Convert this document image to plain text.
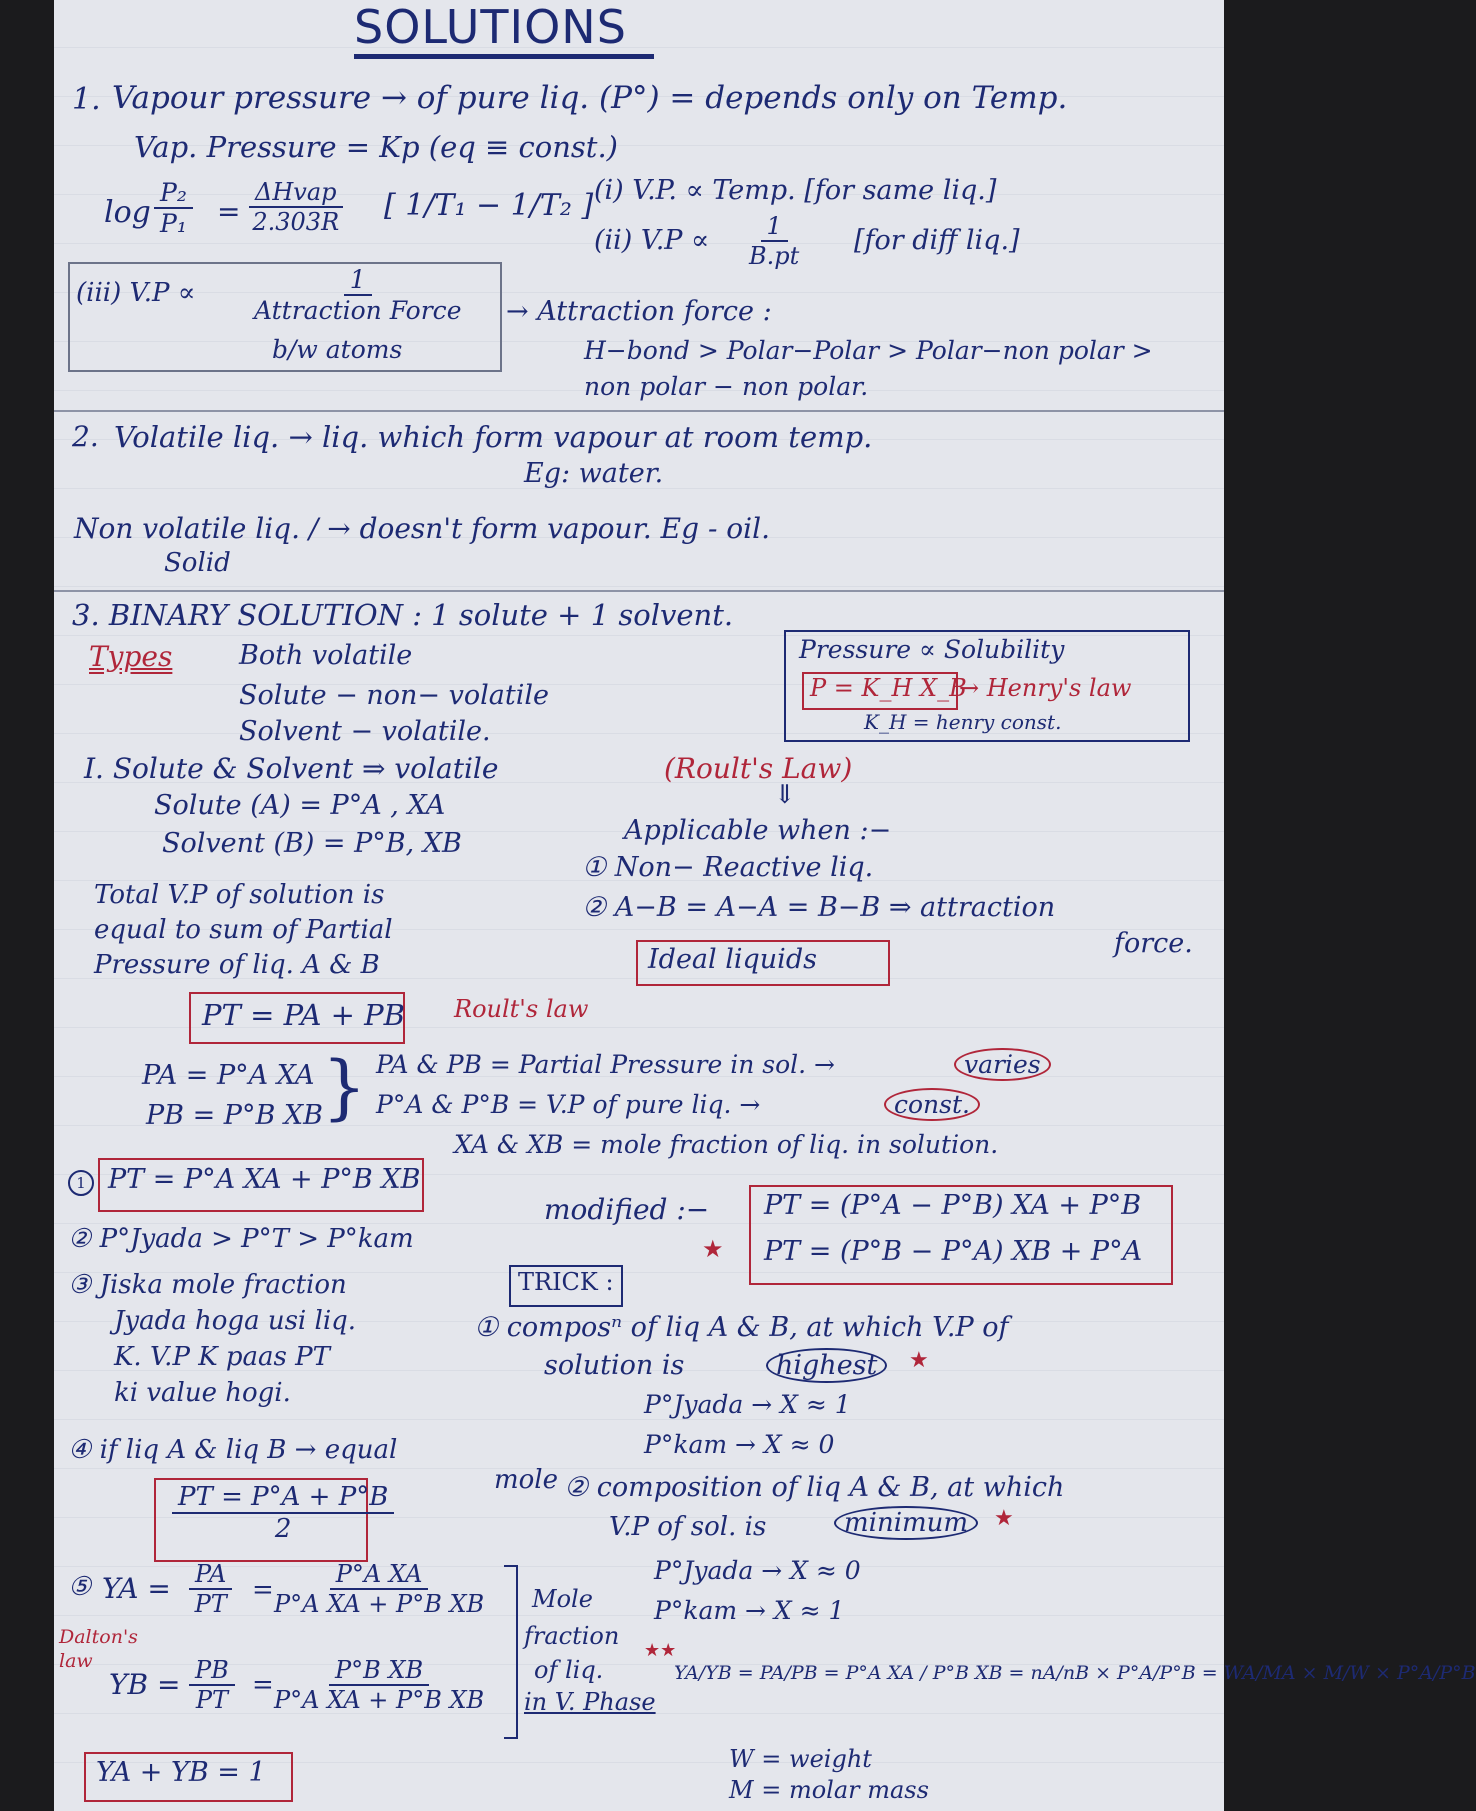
SOLUTIONS
1. Vapour pressure → of pure liq. (P°) = depends only on Temp.
Vap. Pressure = Kp (eq ≡ const.)
$\log \frac{\text{P₂}}{\text{P₁}}$ =
ΔHvap
2.303R [ 1/T₁ − 1/T₂ ] (i) V.P. ∝ Temp. [for same liq.]
(ii) $V.P \propto \frac{1}{B.pt} [for$ diff liq.]
(iii) V.P ∝	1
Attraction Force
b/w atoms
→ Attraction force :
H−bond > Polar−Polar > Polar−non polar >
non polar − non polar.
2. Volatile liq. → liq. which form vapour at room temp.
Eg: water.
Non volatile liq. / → doesn't form vapour. Eg - oil.
Solid
3. BINARY SOLUTION : 1 solute + 1 solvent.
Types Both volatile
Solute − non− volatile
Solvent − volatile.
Pressure ∝ Solubility
P = K_H X_B
→ Henry's law
K_H = henry const.
I. Solute & Solvent ⇒ volatile	(Roult's Law)
Solute (A) = P°A , XA
Solvent (B) = P°B, XB
⇓
Applicable when :−
① Non− Reactive liq.
② A−B = A−A = B−B ⇒ attraction
force.
Ideal liquids
Total V.P of solution is
equal to sum of Partial
Pressure of liq. A & B
PT = PA + PB Roult's law
PA = P°A XA
PB = P°B XB } PA & PB = Partial Pressure in sol. →	varies
P°A & P°B = V.P of pure liq. →	const.
XA & XB = mole fraction of liq. in solution.
1 PT = P°A XA + P°B XB
modified :− PT = (P°A − P°B) XA + P°B
★ PT = (P°B − P°A) XB + P°A
② P°Jyada > P°T > P°kam
③ Jiska mole fraction
Jyada hoga usi liq.
K. V.P K paas PT
ki value hogi.
TRICK :
① composⁿ of liq A & B, at which V.P of
solution is	highest	★
P°Jyada → X ≈ 1
P°kam → X ≈ 0
④ if liq A & liq B → equal
mole
$\frac{PT = P^\circ A + P^\circ B}{2}$	② composition of liq A & B, at which
V.P of sol. is	minimum	★
P°Jyada → X ≈ 0
P°kam → X ≈ 1
⑤
Dalton's law
YA = $\frac{PA}{PT} = \frac{\text{P°A XA}}{\text{P°A XA + P°B XB}}$
YB = $\frac{PB}{PT} = \frac{\text{P°B XB}}{\text{P°A XA + P°B XB}}$
Mole
fraction
of liq.
in V. Phase
★★
YA/YB = PA/PB = P°A XA / P°B XB = nA/nB × P°A/P°B = WA/MA × M/W × P°A/P°B
W = weight
M = molar mass
YA + YB = 1
